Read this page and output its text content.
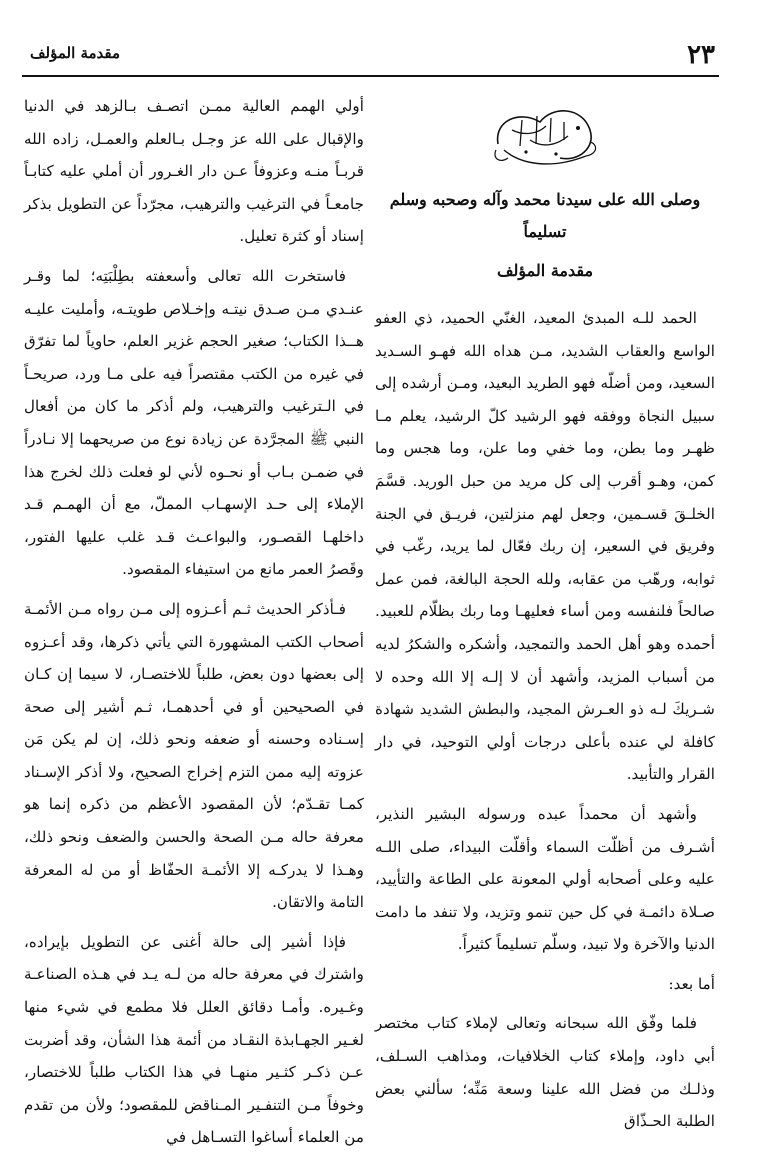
٢٣
مقدمة المؤلف
وصلى الله على سيدنا محمد وآله وصحبه وسلم تسليماً
مقدمة المؤلف

الحمد للـه المبدئ المعيد، الغنّي الحميد، ذي العفو الواسع والعقاب الشديد، مـن هداه الله فهـو السـديد السعيد، ومن أضلّه فهو الطريد البعيد، ومـن أرشده إلى سبيل النجاة ووفقه فهو الرشيد كلّ الرشيد، يعلم مـا ظهـر وما بطن، وما خفي وما علن، وما هجس وما كمن، وهـو أقرب إلى كل مريد من حبل الوريد. قسَّمَ الخلـقَ قسـمين، وجعل لهم منزلتين، فريـق في الجنة وفريق في السعير، إن ربك فعّال لما يريد، رغّب في ثوابه، ورهّب من عقابه، ولله الحجة البالغة، فمن عمل صالحاً فلنفسه ومن أساء فعليهـا وما ربك بظلّام للعبيد. أحمده وهو أهل الحمد والتمجيد، وأشكره والشكرُ لديه من أسباب المزيد، وأشهد أن لا إلـه إلا الله وحده لا شـريكَ لـه ذو العـرش المجيد، والبطش الشديد شهادة كافلة لي عنده بأعلى درجات أولي التوحيد، في دار القرار والتأبيد.

وأشهد أن محمداً عبده ورسوله البشير النذير، أشـرف من أظلّت السماء وأقلّت البيداء، صلى اللـه عليه وعلى أصحابه أولي المعونة على الطاعة والتأييد، صـلاة دائمـة في كل حين تنمو وتزيد، ولا تنفد ما دامت الدنيا والآخرة ولا تبيد، وسلّم تسليماً كثيراً.

أما بعد:

فلما وفّق الله سبحانه وتعالى لإملاء كتاب مختصر أبي داود، وإملاء كتاب الخلافيات، ومذاهب السـلف، وذلـك من فضل الله علينا وسعة مَنِّه؛ سألني بعض الطلبة الحـذّاق

أولي الهمم العالية ممـن اتصـف بـالزهد في الدنيا والإقبال على الله عز وجـل بـالعلم والعمـل، زاده الله قربـاً منـه وعزوفاً عـن دار الغـرور أن أملي عليه كتابـاً جامعـاً في الترغيب والترهيب، مجرّداً عن التطويل بذكر إسناد أو كثرة تعليل.

فاستخرت الله تعالى وأسعفته بطِلْبَتِه؛ لما وقـر عنـدي مـن صـدق نيتـه وإخـلاص طويتـه، وأمليت عليـه هــذا الكتاب؛ صغير الحجم غزير العلم، حاوياً لما تفرّق في غيره من الكتب مقتصراً فيه على مـا ورد، صريحـاً في الـترغيب والترهيب، ولم أذكر ما كان من أفعال النبي ﷺ المجرَّدة عن زيادة نوع من صريحهما إلا نـادراً في ضمـن بـاب أو نحـوه لأني لو فعلت ذلك لخرج هذا الإملاء إلى حـد الإسهـاب المملّ، مع أن الهمـم قـد داخلهـا القصـور، والبواعـث قـد غلب عليها الفتور، وقَصرُ العمر مانع من استيفاء المقصود.

فـأذكر الحديث ثـم أعـزوه إلى مـن رواه مـن الأئمـة أصحاب الكتب المشهورة التي يأتي ذكرها، وقد أعـزوه إلى بعضها دون بعض، طلباً للاختصـار، لا سيما إن كـان في الصحيحين أو في أحدهمـا، ثـم أشير إلى صحة إسـناده وحسنه أو ضعفه ونحو ذلك، إن لم يكن مَن عزوته إليه ممن التزم إخراج الصحيح، ولا أذكر الإسـناد كمـا تقـدّم؛ لأن المقصود الأعظم من ذكره إنما هو معرفة حاله مـن الصحة والحسن والضعف ونحو ذلك، وهـذا لا يدركـه إلا الأئمـة الحفّاظ أو من له المعرفة التامة والاتقان.

فإذا أشير إلى حالة أغنى عن التطويل بإيراده، واشترك في معرفة حاله من لـه يـد في هـذه الصناعـة وغـيره. وأمـا دقائق العلل فلا مطمع في شيء منها لغـير الجهـابذة النقـاد من أئمة هذا الشأن، وقد أضربت عـن ذكـر كثـير منهـا في هذا الكتاب طلباً للاختصار، وخوفاً مـن التنفـير المـناقض للمقصود؛ ولأن من تقدم من العلماء أساغوا التسـاهل في
